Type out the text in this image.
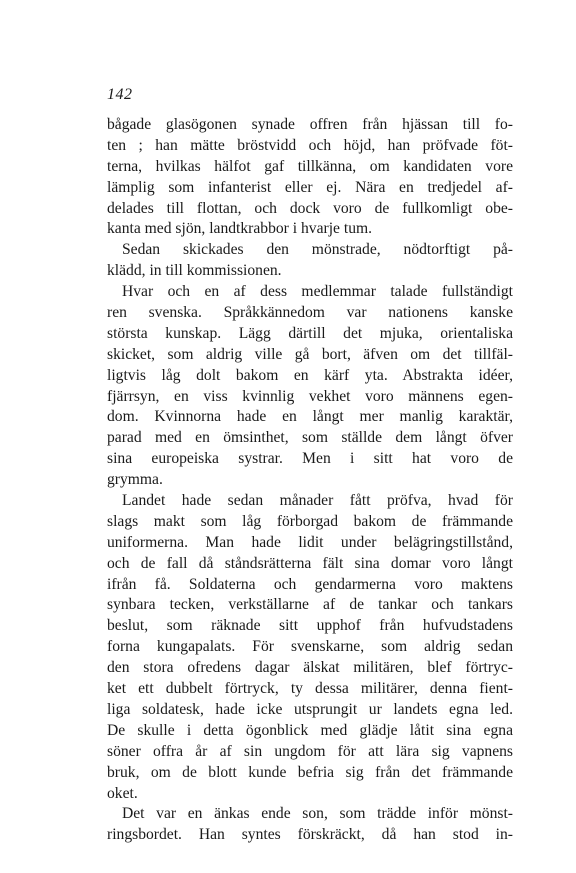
142
bågade glasögonen synade offren från hjässan till fo-
ten ; han mätte bröstvidd och höjd, han pröfvade föt-
terna, hvilkas hälfot gaf tillkänna, om kandidaten vore
lämplig som infanterist eller ej. Nära en tredjedel af-
delades till flottan, och dock voro de fullkomligt obe-
kanta med sjön, landtkrabbor i hvarje tum.
Sedan skickades den mönstrade, nödtorftigt på-
klädd, in till kommissionen.
Hvar och en af dess medlemmar talade fullständigt
ren svenska. Språkkännedom var nationens kanske
största kunskap. Lägg därtill det mjuka, orientaliska
skicket, som aldrig ville gå bort, äfven om det tillfäl-
ligtvis låg dolt bakom en kärf yta. Abstrakta idéer,
fjärrsyn, en viss kvinnlig vekhet voro männens egen-
dom. Kvinnorna hade en långt mer manlig karaktär,
parad med en ömsinthet, som ställde dem långt öfver
sina europeiska systrar. Men i sitt hat voro de
grymma.
Landet hade sedan månader fått pröfva, hvad för
slags makt som låg förborgad bakom de främmande
uniformerna. Man hade lidit under belägringstillstånd,
och de fall då ståndsrätterna fält sina domar voro långt
ifrån få. Soldaterna och gendarmerna voro maktens
synbara tecken, verkställarne af de tankar och tankars
beslut, som räknade sitt upphof från hufvudstadens
forna kungapalats. För svenskarne, som aldrig sedan
den stora ofredens dagar älskat militären, blef förtryc-
ket ett dubbelt förtryck, ty dessa militärer, denna fient-
liga soldatesk, hade icke utsprungit ur landets egna led.
De skulle i detta ögonblick med glädje låtit sina egna
söner offra år af sin ungdom för att lära sig vapnens
bruk, om de blott kunde befria sig från det främmande
oket.
Det var en änkas ende son, som trädde inför mönst-
ringsbordet. Han syntes förskräckt, då han stod in-
